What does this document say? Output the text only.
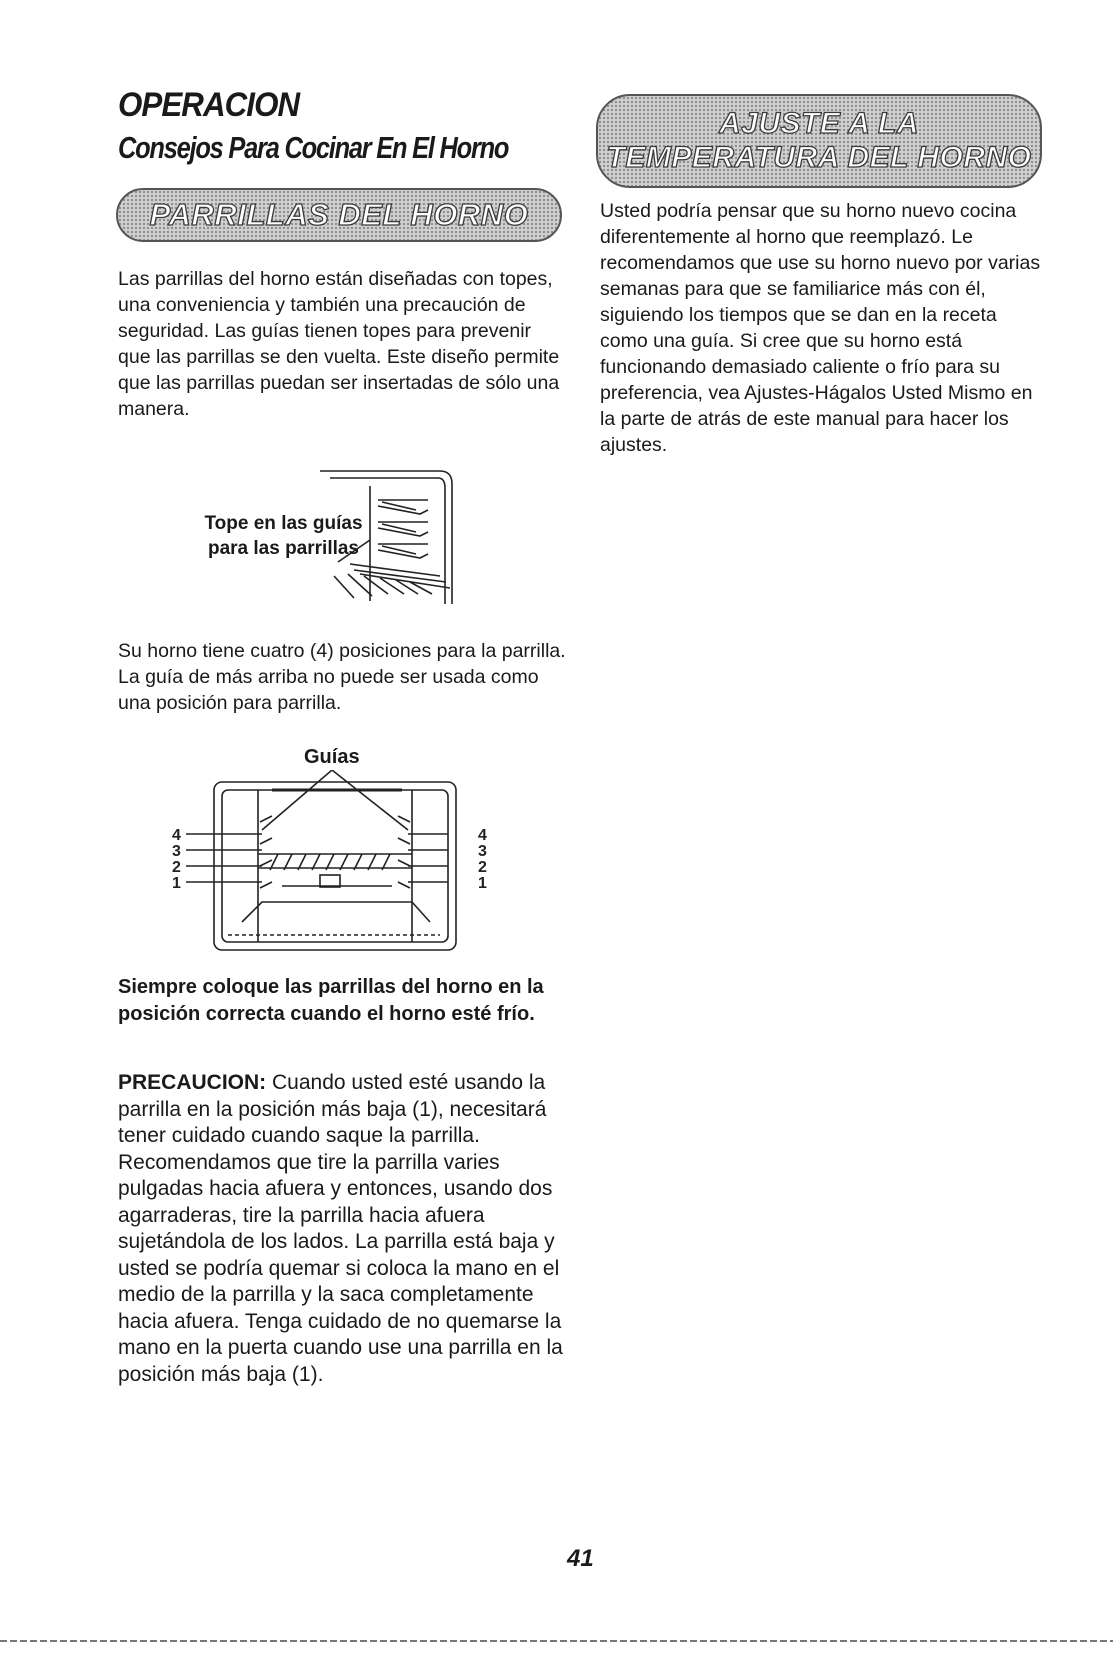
OPERACION
Consejos Para Cocinar En El Horno
PARRILLAS DEL HORNO

Las parrillas del horno están diseñadas con topes, una conveniencia y también una precaución de seguridad. Las guías tienen topes para prevenir que las parrillas se den vuelta. Este diseño permite que las parrillas puedan ser insertadas de sólo una manera.

Tope en las guías para las parrillas

Su horno tiene cuatro (4) posiciones para la parrilla. La guía de más arriba no puede ser usada como una posición para parrilla.

Guías
4
3
2
1
4
3
2
1

Siempre coloque las parrillas del horno en la posición correcta cuando el horno esté frío.

PRECAUCION: Cuando usted esté usando la parrilla en la posición más baja (1), necesitará tener cuidado cuando saque la parrilla. Recomendamos que tire la parrilla varies pulgadas hacia afuera y entonces, usando dos agarraderas, tire la parrilla hacia afuera sujetándola de los lados. La parrilla está baja y usted se podría quemar si coloca la mano en el medio de la parrilla y la saca completamente hacia afuera. Tenga cuidado de no quemarse la mano en la puerta cuando use una parrilla en la posición más baja (1).

AJUSTE A LA
TEMPERATURA DEL HORNO

Usted podría pensar que su horno nuevo cocina diferentemente al horno que reemplazó. Le recomendamos que use su horno nuevo por varias semanas para que se familiarice más con él, siguiendo los tiempos que se dan en la receta como una guía. Si cree que su horno está funcionando demasiado caliente o frío para su preferencia, vea Ajustes-Hágalos Usted Mismo en la parte de atrás de este manual para hacer los ajustes.

41
